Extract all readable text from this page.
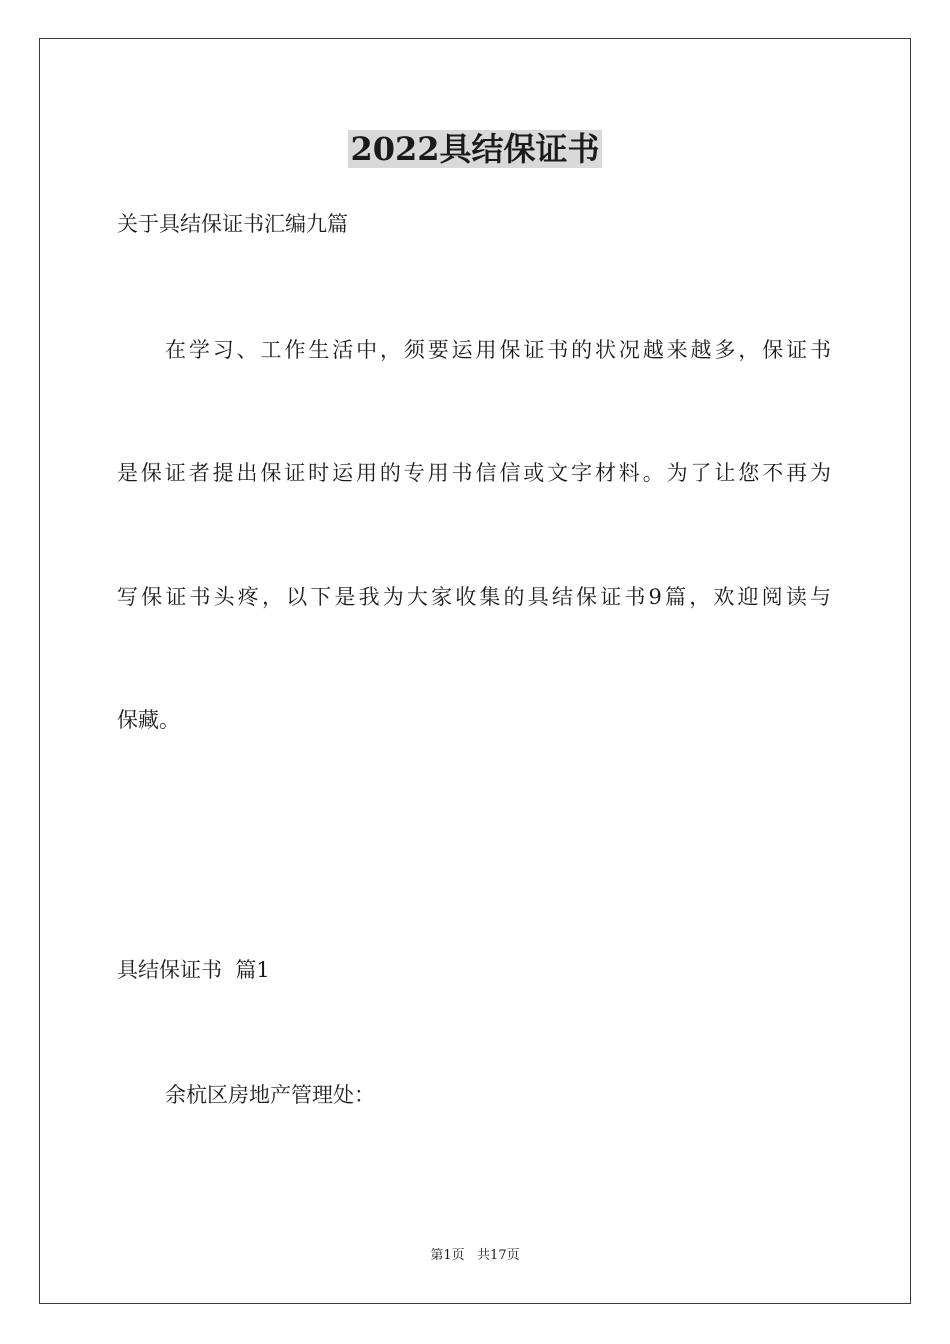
2022具结保证书
关于具结保证书汇编九篇
在学习、工作生活中，须要运用保证书的状况越来越多，保证书
是保证者提出保证时运用的专用书信信或文字材料。为了让您不再为
写保证书头疼，以下是我为大家收集的具结保证书9篇，欢迎阅读与
保藏。
具结保证书  篇1
余杭区房地产管理处：
第1页   共17页
